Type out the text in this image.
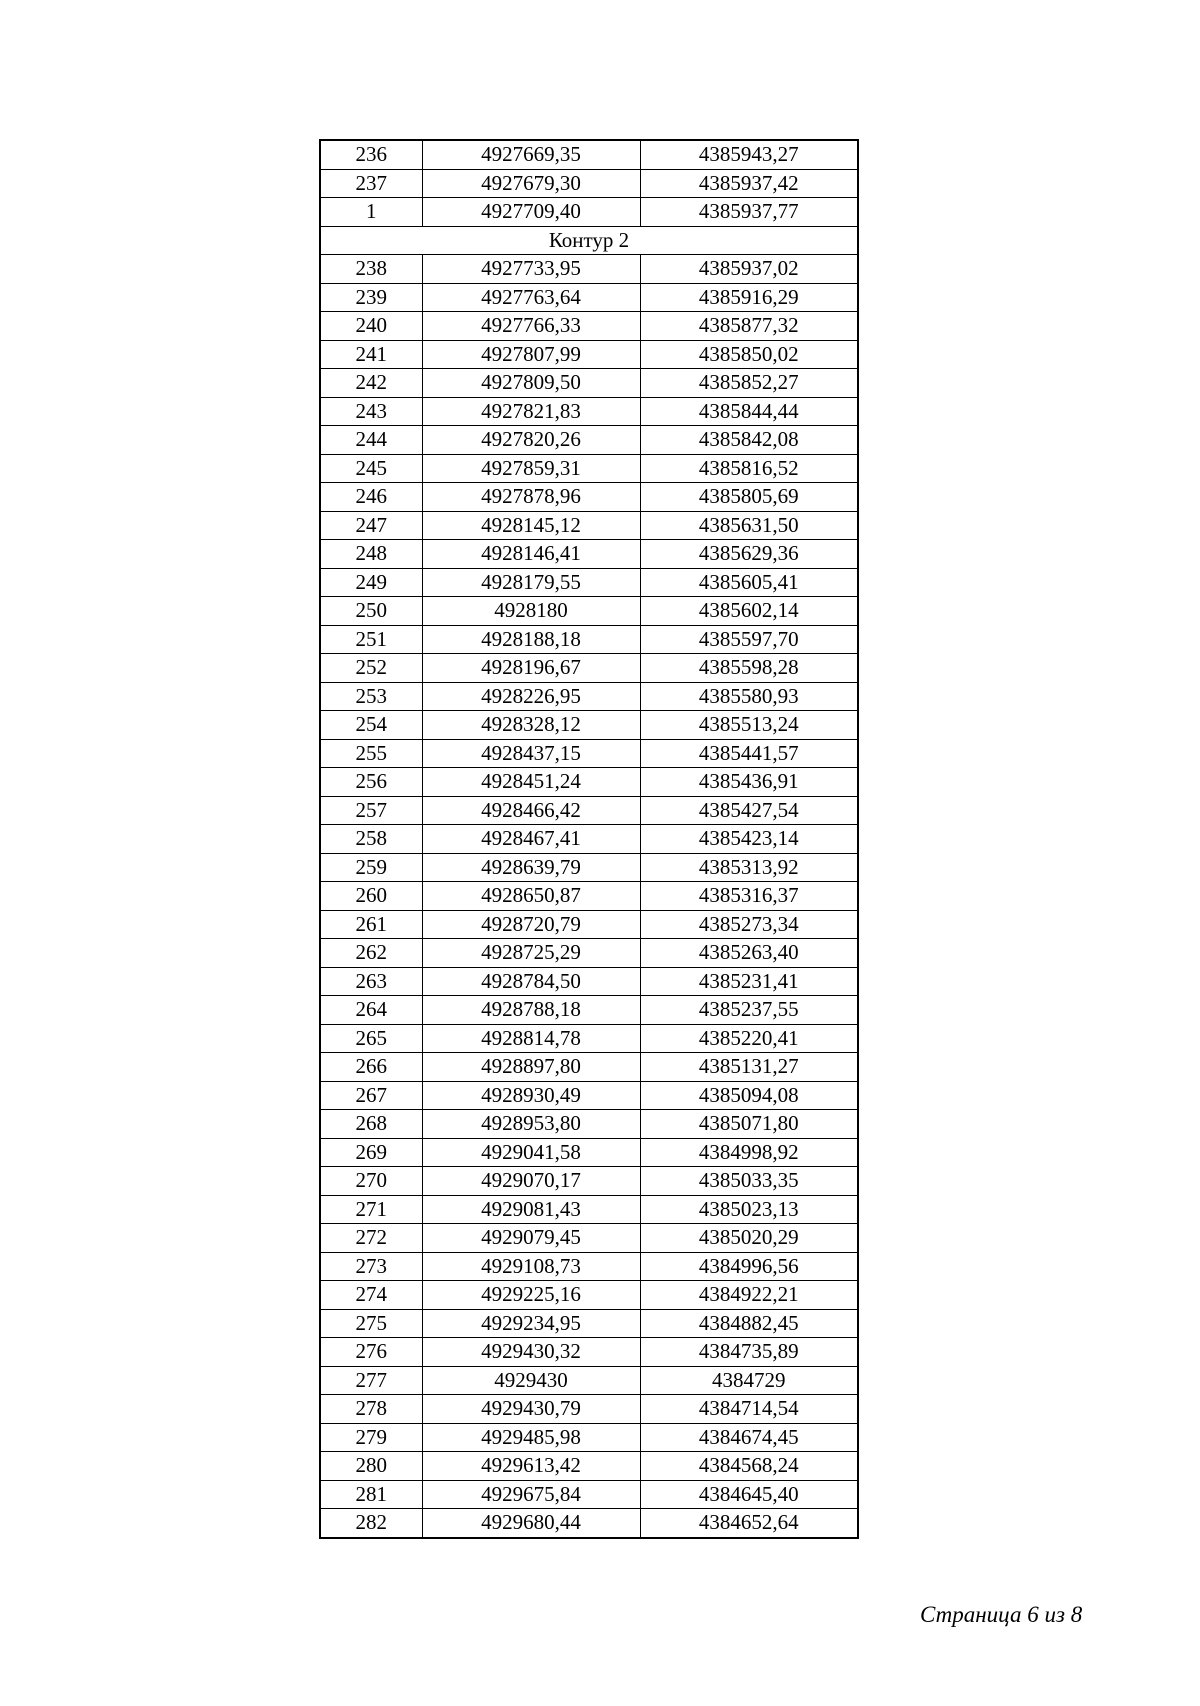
236	4927669,35	4385943,27
237	4927679,30	4385937,42
1	4927709,40	4385937,77
Контур 2		
238	4927733,95	4385937,02
239	4927763,64	4385916,29
240	4927766,33	4385877,32
241	4927807,99	4385850,02
242	4927809,50	4385852,27
243	4927821,83	4385844,44
244	4927820,26	4385842,08
245	4927859,31	4385816,52
246	4927878,96	4385805,69
247	4928145,12	4385631,50
248	4928146,41	4385629,36
249	4928179,55	4385605,41
250	4928180	4385602,14
251	4928188,18	4385597,70
252	4928196,67	4385598,28
253	4928226,95	4385580,93
254	4928328,12	4385513,24
255	4928437,15	4385441,57
256	4928451,24	4385436,91
257	4928466,42	4385427,54
258	4928467,41	4385423,14
259	4928639,79	4385313,92
260	4928650,87	4385316,37
261	4928720,79	4385273,34
262	4928725,29	4385263,40
263	4928784,50	4385231,41
264	4928788,18	4385237,55
265	4928814,78	4385220,41
266	4928897,80	4385131,27
267	4928930,49	4385094,08
268	4928953,80	4385071,80
269	4929041,58	4384998,92
270	4929070,17	4385033,35
271	4929081,43	4385023,13
272	4929079,45	4385020,29
273	4929108,73	4384996,56
274	4929225,16	4384922,21
275	4929234,95	4384882,45
276	4929430,32	4384735,89
277	4929430	4384729
278	4929430,79	4384714,54
279	4929485,98	4384674,45
280	4929613,42	4384568,24
281	4929675,84	4384645,40
282	4929680,44	4384652,64
Страница 6 из 8
